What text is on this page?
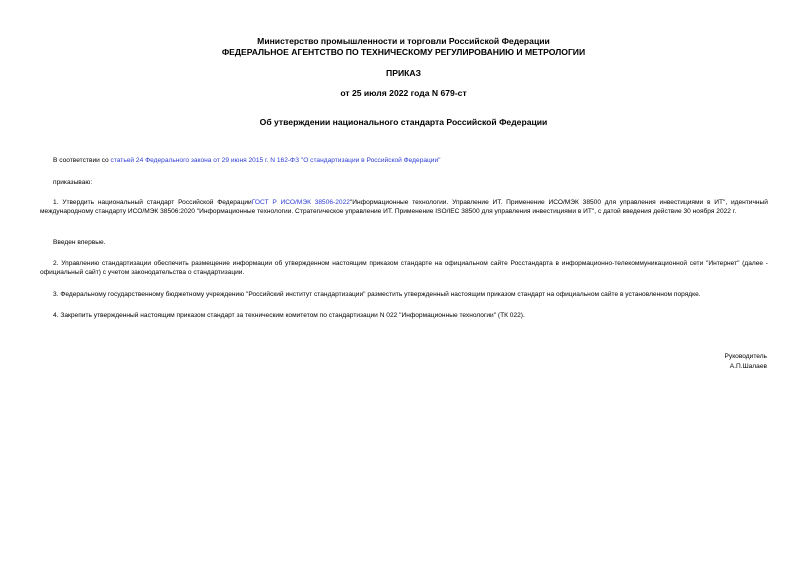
Министерство промышленности и торговли Российской Федерации
ФЕДЕРАЛЬНОЕ АГЕНТСТВО ПО ТЕХНИЧЕСКОМУ РЕГУЛИРОВАНИЮ И МЕТРОЛОГИИ
ПРИКАЗ
от 25 июля 2022 года N 679-ст
Об утверждении национального стандарта Российской Федерации
В соответствии со статьей 24 Федерального закона от 29 июня 2015 г. N 162-ФЗ "О стандартизации в Российской Федерации"
приказываю:
1. Утвердить национальный стандарт Российской ФедерацииГОСТ Р ИСО/МЭК 38506-2022"Информационные технологии. Управление ИТ. Применение ИСО/МЭК 38500 для управления инвестициями в ИТ", идентичный международному стандарту ИСО/МЭК 38506:2020 "Информационные технологии. Стратегическое управление ИТ. Применение ISO/IEC 38500 для управления инвестициями в ИТ", с датой введения действие 30 ноября 2022 г.
Введен впервые.
2. Управлению стандартизации обеспечить размещение информации об утвержденном настоящим приказом стандарте на официальном сайте Росстандарта в информационно-телекоммуникационной сети "Интернет" (далее - официальный сайт) с учетом законодательства о стандартизации.
3. Федеральному государственному бюджетному учреждению "Российский институт стандартизации" разместить утвержденный настоящим приказом стандарт на официальном сайте в установленном порядке.
4. Закрепить утвержденный настоящим приказом стандарт за техническим комитетом по стандартизации N 022 "Информационные технологии" (ТК 022).
Руководитель
А.П.Шалаев
